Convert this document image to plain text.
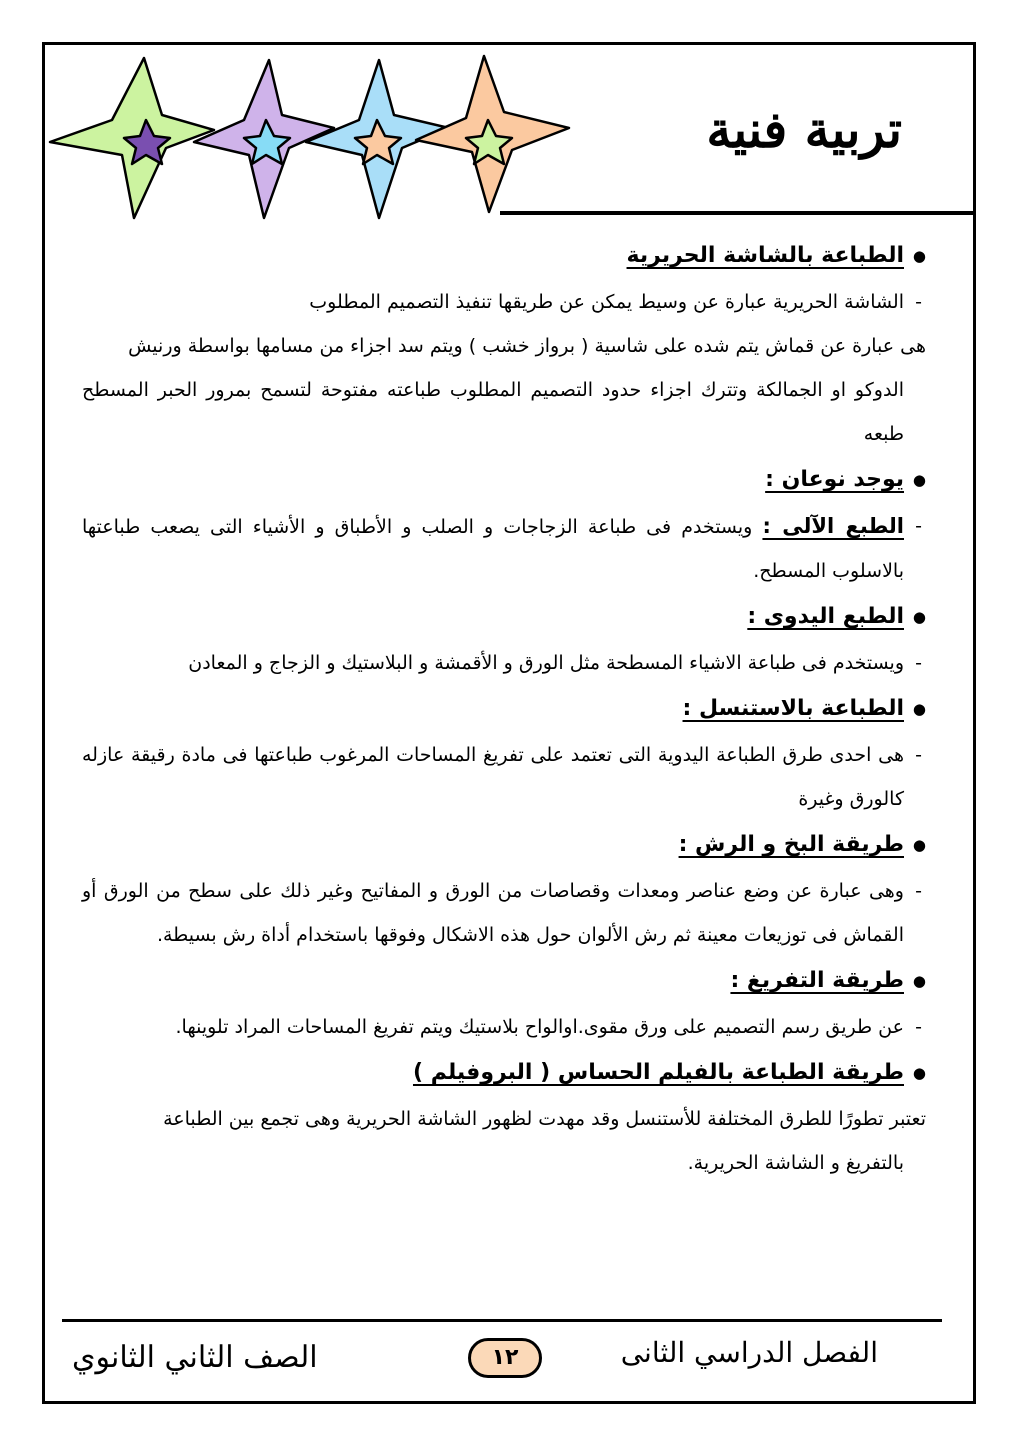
تربية فنية
● الطباعة بالشاشة الحريرية
- الشاشة الحريرية عبارة عن وسيط يمكن عن طريقها تنفيذ التصميم المطلوب
هى عبارة عن قماش يتم شده على شاسية ( برواز خشب ) ويتم سد اجزاء من مسامها بواسطة ورنيش
الدوكو او الجمالكة وتترك اجزاء حدود التصميم المطلوب طباعته مفتوحة لتسمح بمرور الحبر المسطح طبعه
● يوجد نوعان :
- الطبع الآلى : ويستخدم فى طباعة الزجاجات و الصلب و الأطباق و الأشياء التى يصعب طباعتها بالاسلوب المسطح.
● الطبع اليدوى :
- ويستخدم فى طباعة الاشياء المسطحة مثل الورق و الأقمشة و البلاستيك و الزجاج و المعادن
● الطباعة بالاستنسل :
- هى احدى طرق الطباعة اليدوية التى تعتمد على تفريغ المساحات المرغوب طباعتها فى مادة رقيقة عازله كالورق وغيرة
● طريقة البخ و الرش :
- وهى عبارة عن وضع عناصر ومعدات وقصاصات من الورق و المفاتيح وغير ذلك على سطح من الورق أو القماش فى توزيعات معينة ثم رش الألوان حول هذه الاشكال وفوقها باستخدام أداة رش بسيطة.
● طريقة التفريغ :
- عن طريق رسم التصميم على ورق مقوى.اوالواح بلاستيك ويتم تفريغ المساحات المراد تلوينها.
● طريقة الطباعة بالفيلم الحساس ( البروفيلم )
تعتبر تطورًا للطرق المختلفة للأستنسل وقد مهدت لظهور الشاشة الحريرية وهى تجمع بين الطباعة
بالتفريغ و الشاشة الحريرية.
الصف الثاني الثانوي	١٢	الفصل الدراسي الثانى
